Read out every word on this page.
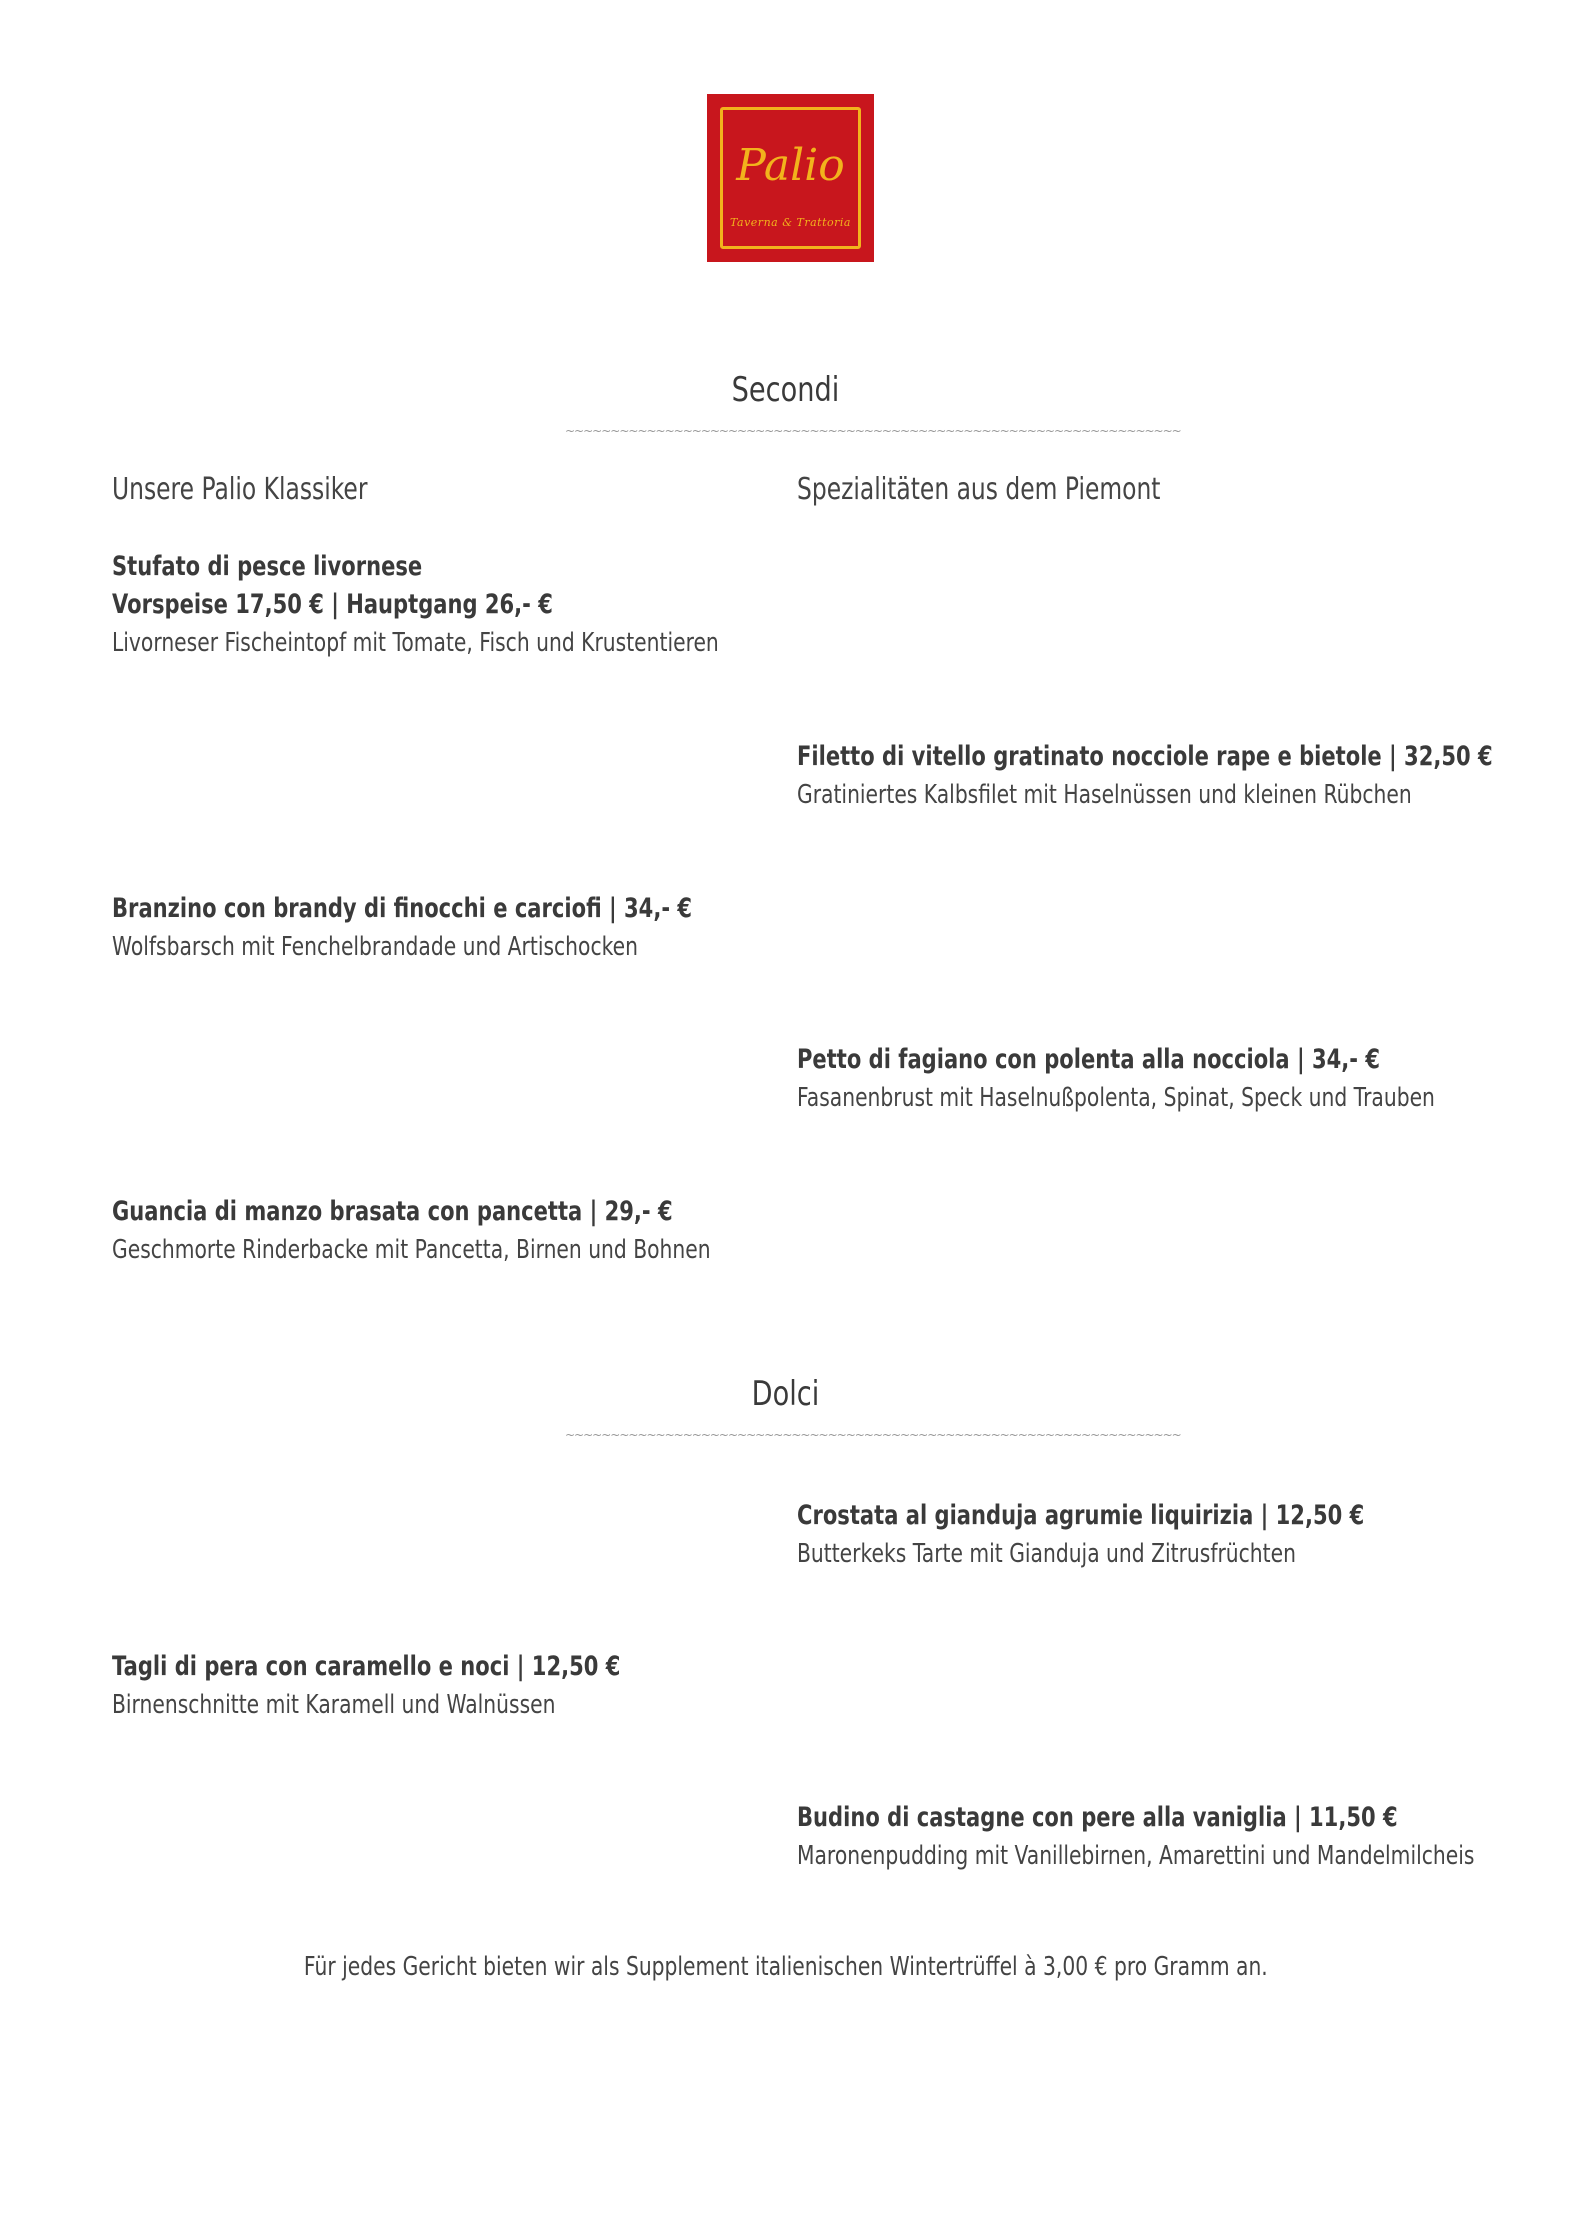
Palio
Taverna & Trattoria
Secondi
~~~~~~~~~~~~~~~~~~~~~~~~~~~~~~~~~~~~~~~~~~~~~~~~~~~~~~~~~~~~~~~~~~~~
Unsere Palio Klassiker	Spezialitäten aus dem Piemont
Stufato di pesce livornese
Vorspeise 17,50 € | Hauptgang 26,- €
Livorneser Fischeintopf mit Tomate, Fisch und Krustentieren
Filetto di vitello gratinato nocciole rape e bietole | 32,50 €
Gratiniertes Kalbsfilet mit Haselnüssen und kleinen Rübchen
Branzino con brandy di finocchi e carciofi | 34,- €
Wolfsbarsch mit Fenchelbrandade und Artischocken
Petto di fagiano con polenta alla nocciola | 34,- €
Fasanenbrust mit Haselnußpolenta, Spinat, Speck und Trauben
Guancia di manzo brasata con pancetta | 29,- €
Geschmorte Rinderbacke mit Pancetta, Birnen und Bohnen
Dolci
~~~~~~~~~~~~~~~~~~~~~~~~~~~~~~~~~~~~~~~~~~~~~~~~~~~~~~~~~~~~~~~~~~~~
Crostata al gianduja agrumie liquirizia | 12,50 €
Butterkeks Tarte mit Gianduja und Zitrusfrüchten
Tagli di pera con caramello e noci | 12,50 €
Birnenschnitte mit Karamell und Walnüssen
Budino di castagne con pere alla vaniglia | 11,50 €
Maronenpudding mit Vanillebirnen, Amarettini und Mandelmilcheis
Für jedes Gericht bieten wir als Supplement italienischen Wintertrüffel à 3,00 € pro Gramm an.
